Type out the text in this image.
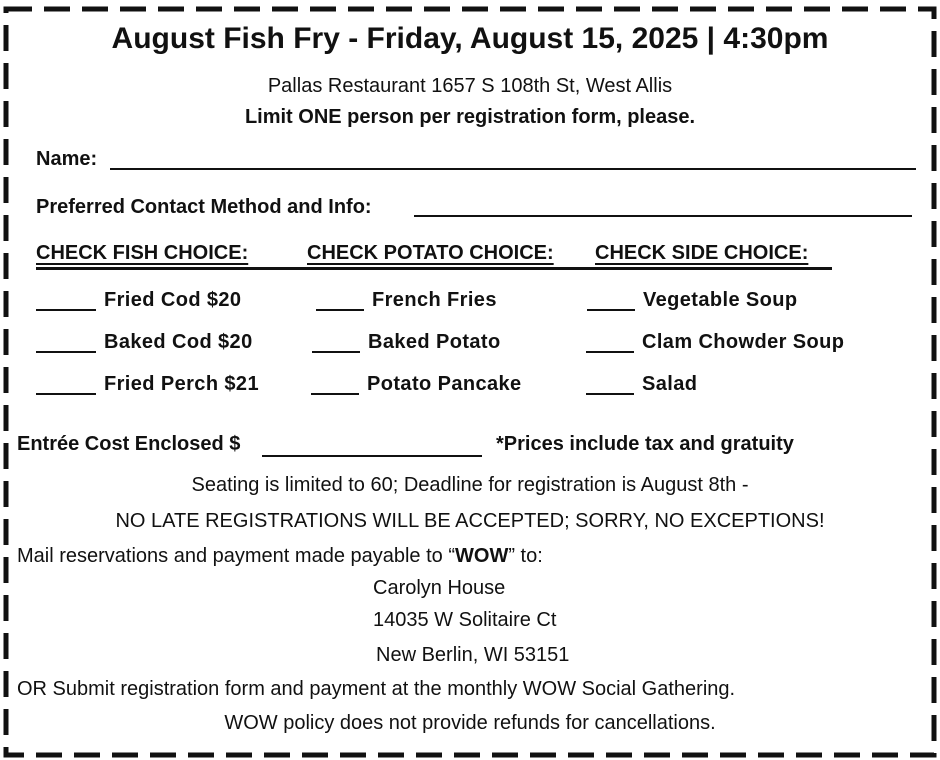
August Fish Fry - Friday, August 15, 2025 | 4:30pm
Pallas Restaurant 1657 S 108th St, West Allis
Limit ONE person per registration form, please.
Name:
Preferred Contact Method and Info:
CHECK FISH CHOICE:	CHECK POTATO CHOICE: CHECK SIDE CHOICE:
Fried Cod $20
Baked Cod $20
Fried Perch $21
French Fries
Baked Potato
Potato Pancake
Vegetable Soup
Clam Chowder Soup
Salad
Entrée Cost Enclosed $	*Prices include tax and gratuity
Seating is limited to 60; Deadline for registration is August 8th -
NO LATE REGISTRATIONS WILL BE ACCEPTED; SORRY, NO EXCEPTIONS!
Mail reservations and payment made payable to “WOW” to:
Carolyn House
14035 W Solitaire Ct
New Berlin, WI 53151
OR Submit registration form and payment at the monthly WOW Social Gathering.
WOW policy does not provide refunds for cancellations.
